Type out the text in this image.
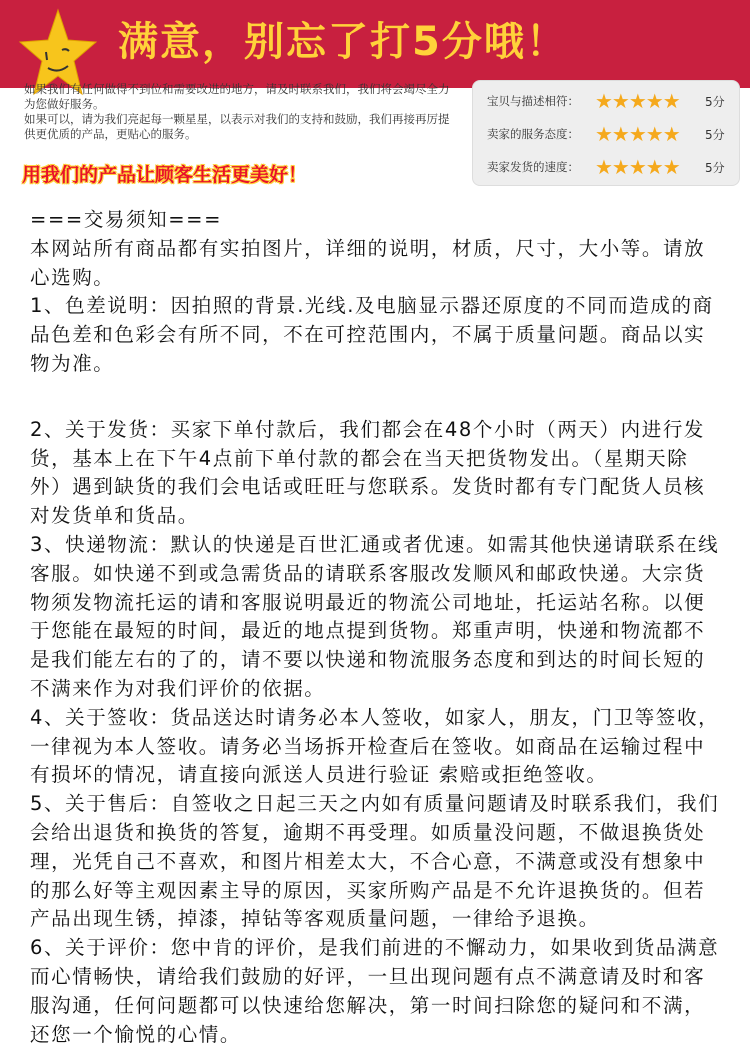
满意，别忘了打5分哦！

如果我们有任何做得不到位和需要改进的地方，请及时联系我们，我们将会竭尽全力为您做好服务。

如果可以，请为我们亮起每一颗星星，以表示对我们的支持和鼓励，我们再接再厉提供更优质的产品，更贴心的服务。

用我们的产品让顾客生活更美好！
宝贝与描述相符： ★★★★★	5分
卖家的服务态度： ★★★★★	5分
卖家发货的速度： ★★★★★	5分
===交易须知===
本网站所有商品都有实拍图片，详细的说明，材质，尺寸，大小等。请放
心选购。
1、色差说明：因拍照的背景.光线.及电脑显示器还原度的不同而造成的商
品色差和色彩会有所不同，不在可控范围内，不属于质量问题。商品以实
物为准。
2、关于发货：买家下单付款后，我们都会在48个小时（两天）内进行发
货，基本上在下午4点前下单付款的都会在当天把货物发出。（星期天除
外）遇到缺货的我们会电话或旺旺与您联系。发货时都有专门配货人员核
对发货单和货品。
3、快递物流：默认的快递是百世汇通或者优速。如需其他快递请联系在线
客服。如快递不到或急需货品的请联系客服改发顺风和邮政快递。大宗货
物须发物流托运的请和客服说明最近的物流公司地址，托运站名称。以便
于您能在最短的时间，最近的地点提到货物。郑重声明，快递和物流都不
是我们能左右的了的，请不要以快递和物流服务态度和到达的时间长短的
不满来作为对我们评价的依据。
4、关于签收：货品送达时请务必本人签收，如家人，朋友，门卫等签收，
一律视为本人签收。请务必当场拆开检查后在签收。如商品在运输过程中
有损坏的情况，请直接向派送人员进行验证 索赔或拒绝签收。
5、关于售后：自签收之日起三天之内如有质量问题请及时联系我们，我们
会给出退货和换货的答复，逾期不再受理。如质量没问题，不做退换货处
理，光凭自己不喜欢，和图片相差太大，不合心意，不满意或没有想象中
的那么好等主观因素主导的原因，买家所购产品是不允许退换货的。但若
产品出现生锈，掉漆，掉钻等客观质量问题，一律给予退换。
6、关于评价：您中肯的评价，是我们前进的不懈动力，如果收到货品满意
而心情畅快，请给我们鼓励的好评，一旦出现问题有点不满意请及时和客
服沟通，任何问题都可以快速给您解决，第一时间扫除您的疑问和不满，
还您一个愉悦的心情。
